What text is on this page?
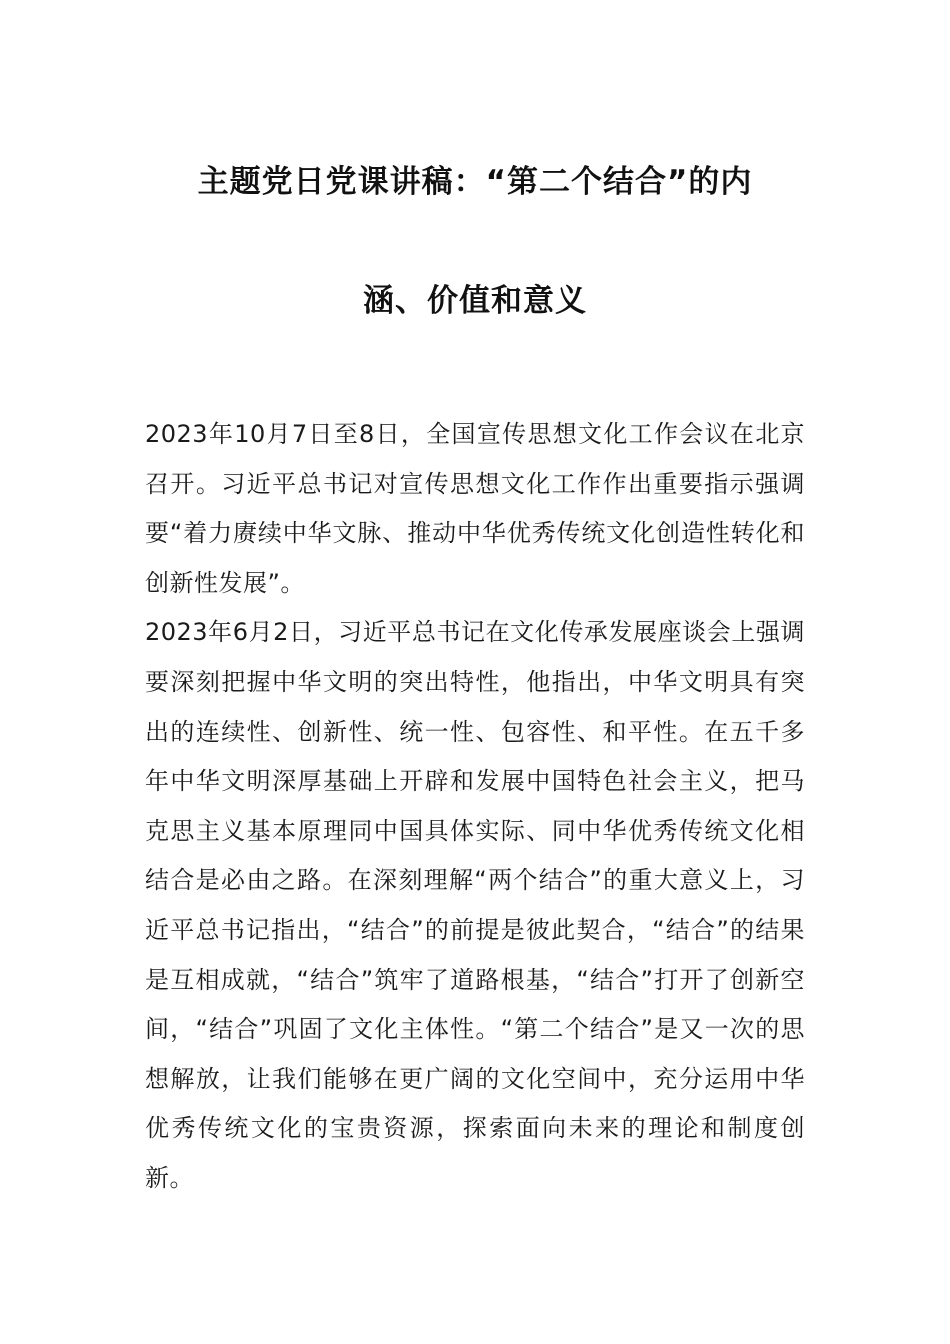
主题党日党课讲稿：“第二个结合”的内
涵、价值和意义

2023年10月7日至8日，全国宣传思想文化工作会议在北京召开。习近平总书记对宣传思想文化工作作出重要指示强调要“着力赓续中华文脉、推动中华优秀传统文化创造性转化和创新性发展”。

2023年6月2日，习近平总书记在文化传承发展座谈会上强调要深刻把握中华文明的突出特性，他指出，中华文明具有突出的连续性、创新性、统一性、包容性、和平性。在五千多年中华文明深厚基础上开辟和发展中国特色社会主义，把马克思主义基本原理同中国具体实际、同中华优秀传统文化相结合是必由之路。在深刻理解“两个结合”的重大意义上，习近平总书记指出，“结合”的前提是彼此契合，“结合”的结果是互相成就，“结合”筑牢了道路根基，“结合”打开了创新空间，“结合”巩固了文化主体性。“第二个结合”是又一次的思想解放，让我们能够在更广阔的文化空间中，充分运用中华优秀传统文化的宝贵资源，探索面向未来的理论和制度创新。
